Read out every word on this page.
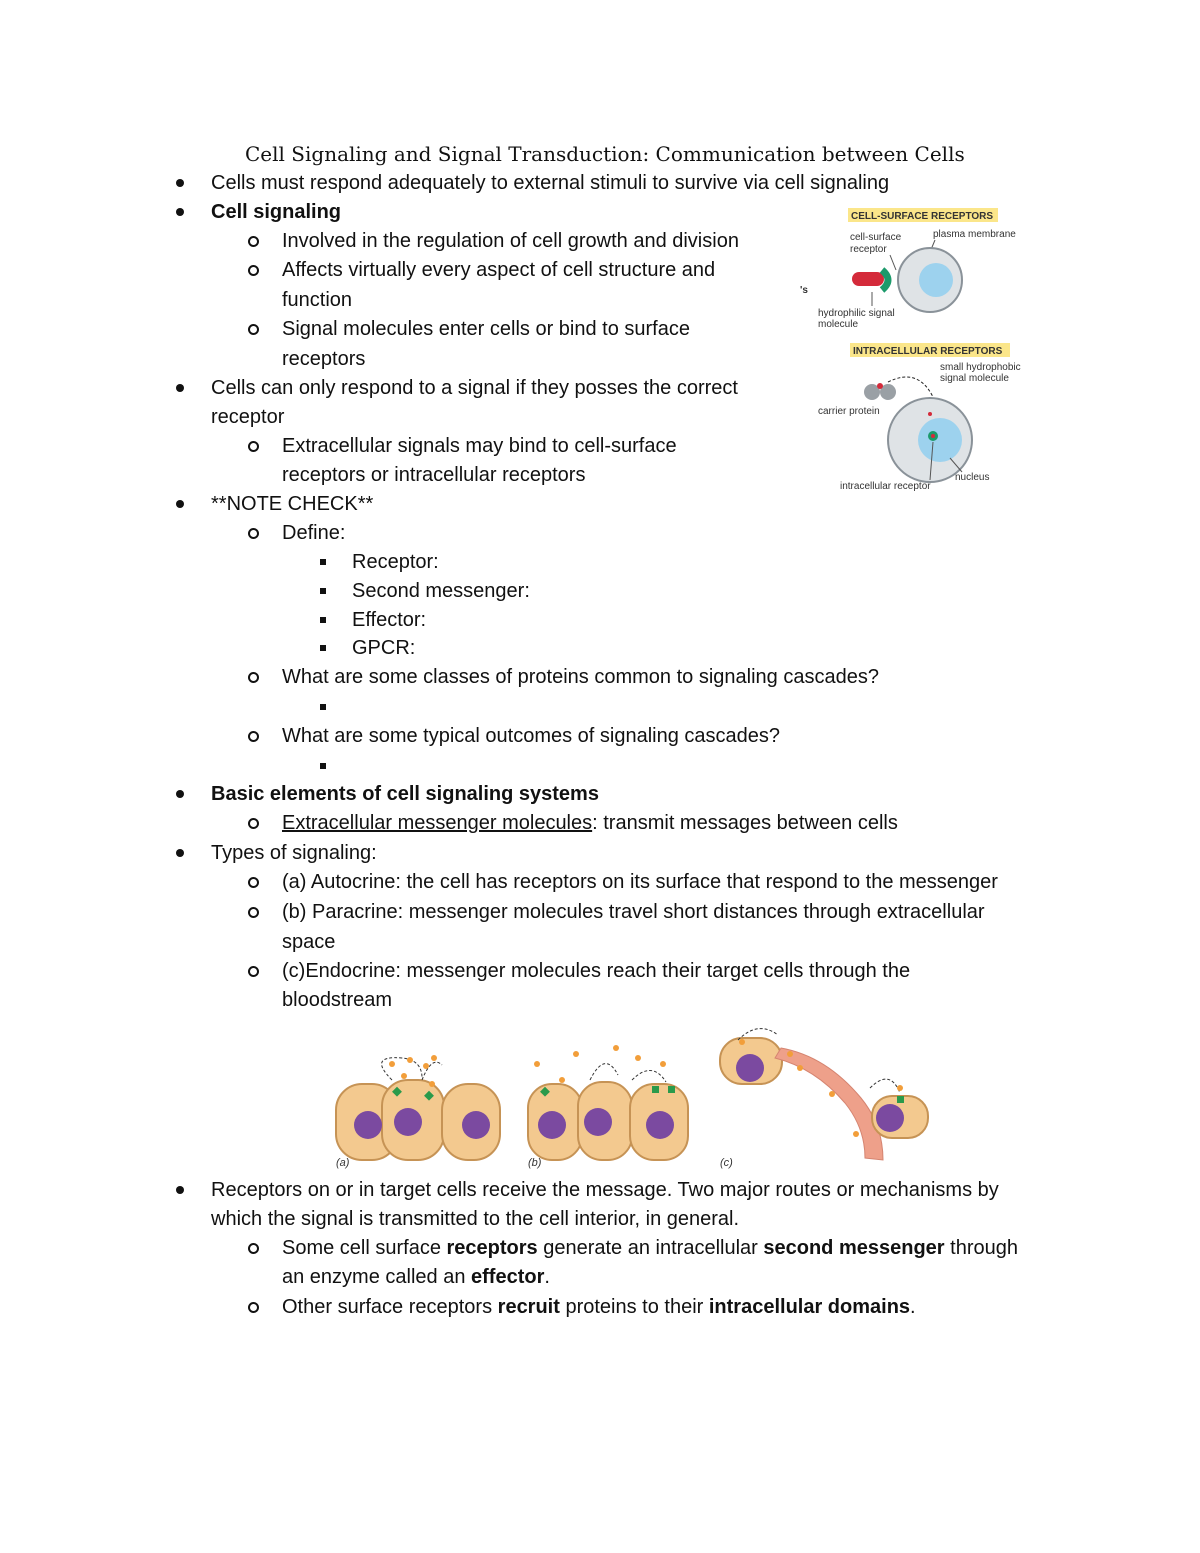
Cell Signaling and Signal Transduction: Communication between Cells
Cells must respond adequately to external stimuli to survive via cell signaling
Cell signaling
Involved in the regulation of cell growth and division
Affects virtually every aspect of cell structure and
function
Signal molecules enter cells or bind to surface
receptors
Cells can only respond to a signal if they posses the correct
receptor
Extracellular signals may bind to cell-surface
receptors or intracellular receptors
**NOTE CHECK**
Define:
Receptor:
Second messenger:
Effector:
GPCR:
What are some classes of proteins common to signaling cascades?
What are some typical outcomes of signaling cascades?
Basic elements of cell signaling systems
Extracellular messenger molecules: transmit messages between cells
Types of signaling:
(a) Autocrine: the cell has receptors on its surface that respond to the messenger
(b) Paracrine: messenger molecules travel short distances through extracellular
space
(c)Endocrine: messenger molecules reach their target cells through the
bloodstream
Receptors on or in target cells receive the message. Two major routes or mechanisms by
which the signal is transmitted to the cell interior, in general.
Some cell surface receptors generate an intracellular second messenger through
an enzyme called an effector.
Other surface receptors recruit proteins to their intracellular domains.
CELL-SURFACE RECEPTORS
cell-surface
receptor
plasma membrane
's
hydrophilic signal
molecule
INTRACELLULAR RECEPTORS
small hydrophobic
signal molecule
carrier protein
nucleus
intracellular receptor
(a)	(b)	(c)
